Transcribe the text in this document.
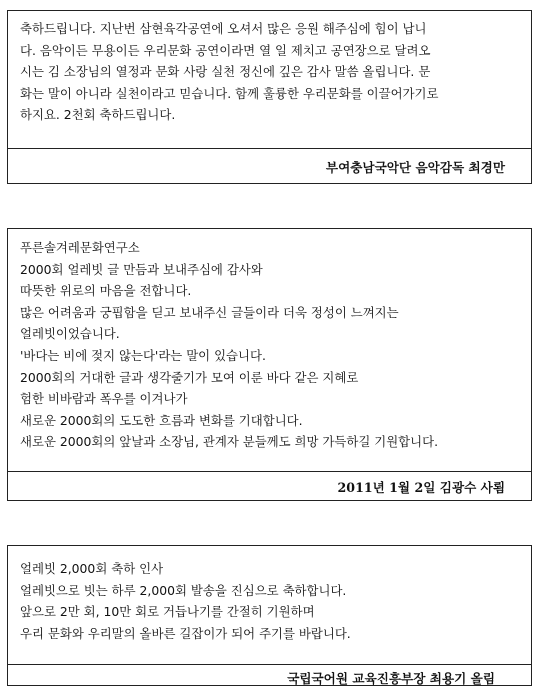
축하드립니다. 지난번 삼현육각공연에 오셔서 많은 응원 해주심에 힘이 납니
다. 음악이든 무용이든 우리문화 공연이라면 열 일 제치고 공연장으로 달려오
시는 김 소장님의 열정과 문화 사랑 실천 정신에 깊은 감사 말씀 올립니다. 문
화는 말이 아니라 실천이라고 믿습니다. 함께 훌륭한 우리문화를 이끌어가기로
하지요. 2천회 축하드립니다.
부여충남국악단 음악감독 최경만
푸른솔겨레문화연구소
2000회 얼레빗 글 만듬과 보내주심에 감사와
따뜻한 위로의 마음을 전합니다.
많은 어려움과 궁핍함을 딛고 보내주신 글들이라 더욱 정성이 느껴지는
얼레빗이었습니다.
'바다는 비에 젖지 않는다'라는 말이 있습니다.
2000회의 거대한 글과 생각줄기가 모여 이룬 바다 같은 지혜로
험한 비바람과 폭우를 이겨나가
새로운 2000회의 도도한 흐름과 변화를 기대합니다.
새로운 2000회의 앞날과 소장님, 관계자 분들께도 희망 가득하길 기원합니다.
2011년 1월 2일 김광수 사룀
얼레빗 2,000회 축하 인사
얼레빗으로 빗는 하루 2,000회 발송을 진심으로 축하합니다.
앞으로 2만 회, 10만 회로 거듭나기를 간절히 기원하며
우리 문화와 우리말의 올바른 길잡이가 되어 주기를 바랍니다.
국립국어원 교육진흥부장 최용기 올림
